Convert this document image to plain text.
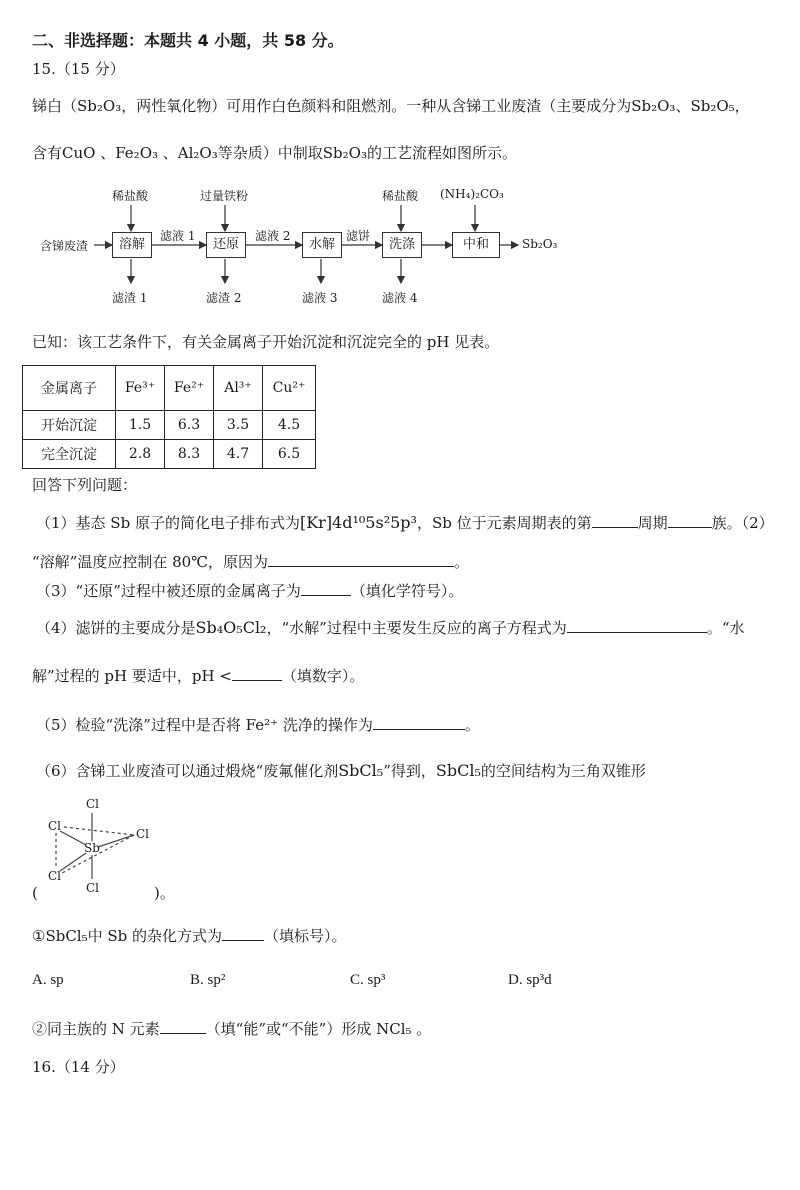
二、非选择题：本题共 4 小题，共 58 分。
15.（15 分）
锑白（Sb₂O₃，两性氧化物）可用作白色颜料和阻燃剂。一种从含锑工业废渣（主要成分为Sb₂O₃、Sb₂O₅，
含有CuO 、Fe₂O₃ 、Al₂O₃等杂质）中制取Sb₂O₃的工艺流程如图所示。
稀盐酸	过量铁粉	稀盐酸 (NH₄)₂CO₃
含锑废渣	溶解	还原	水解	洗涤	中和	Sb₂O₃
滤液 1	滤液 2	滤饼
滤渣 1	滤渣 2	滤液 3	滤液 4
已知：该工艺条件下，有关金属离子开始沉淀和沉淀完全的 pH 见表。
金属离子	Fe³⁺	Fe²⁺	Al³⁺	Cu²⁺
开始沉淀	1.5	6.3	3.5	4.5
完全沉淀	2.8	8.3	4.7	6.5
回答下列问题：
（1）基态 Sb 原子的简化电子排布式为[Kr]4d¹⁰5s²5p³，Sb 位于元素周期表的第	周期	族。（2）
“溶解”温度应控制在 80℃，原因为	。
（3）“还原”过程中被还原的金属离子为	（填化学符号）。
（4）滤饼的主要成分是Sb₄O₅Cl₂，“水解”过程中主要发生反应的离子方程式为	。“水
解”过程的 pH 要适中，pH <	（填数字）。
（5）检验“洗涤”过程中是否将 Fe²⁺ 洗净的操作为	。
（6）含锑工业废渣可以通过煅烧“废氟催化剂SbCl₅”得到，SbCl₅的空间结构为三角双锥形
Cl
Cl
Cl
Sb
Cl
Cl
(	)。
①SbCl₅中 Sb 的杂化方式为	（填标号）。
A. sp	B. sp²	C. sp³	D. sp³d
②同主族的 N 元素	（填“能”或“不能”）形成 NCl₅ 。
16.（14 分）
